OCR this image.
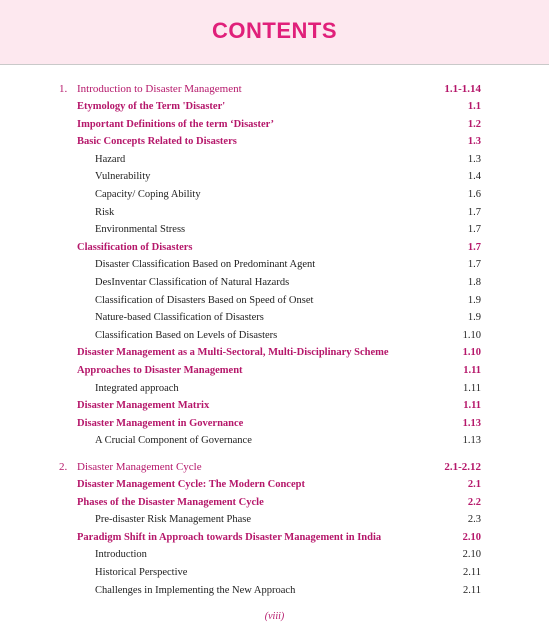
CONTENTS
1. Introduction to Disaster Management	1.1-1.14
Etymology of the Term 'Disaster'	1.1
Important Definitions of the term ‘Disaster’	1.2
Basic Concepts Related to Disasters	1.3
Hazard	1.3
Vulnerability	1.4
Capacity/ Coping Ability	1.6
Risk	1.7
Environmental Stress	1.7
Classification of Disasters	1.7
Disaster Classification Based on Predominant Agent	1.7
DesInventar Classification of Natural Hazards	1.8
Classification of Disasters Based on Speed of Onset	1.9
Nature-based Classification of Disasters	1.9
Classification Based on Levels of Disasters	1.10
Disaster Management as a Multi-Sectoral, Multi-Disciplinary Scheme	1.10
Approaches to Disaster Management	1.11
Integrated approach	1.11
Disaster Management Matrix	1.11
Disaster Management in Governance	1.13
A Crucial Component of Governance	1.13
2. Disaster Management Cycle	2.1-2.12
Disaster Management Cycle: The Modern Concept	2.1
Phases of the Disaster Management Cycle	2.2
Pre-disaster Risk Management Phase	2.3
Paradigm Shift in Approach towards Disaster Management in India	2.10
Introduction	2.10
Historical Perspective	2.11
Challenges in Implementing the New Approach	2.11
(viii)
